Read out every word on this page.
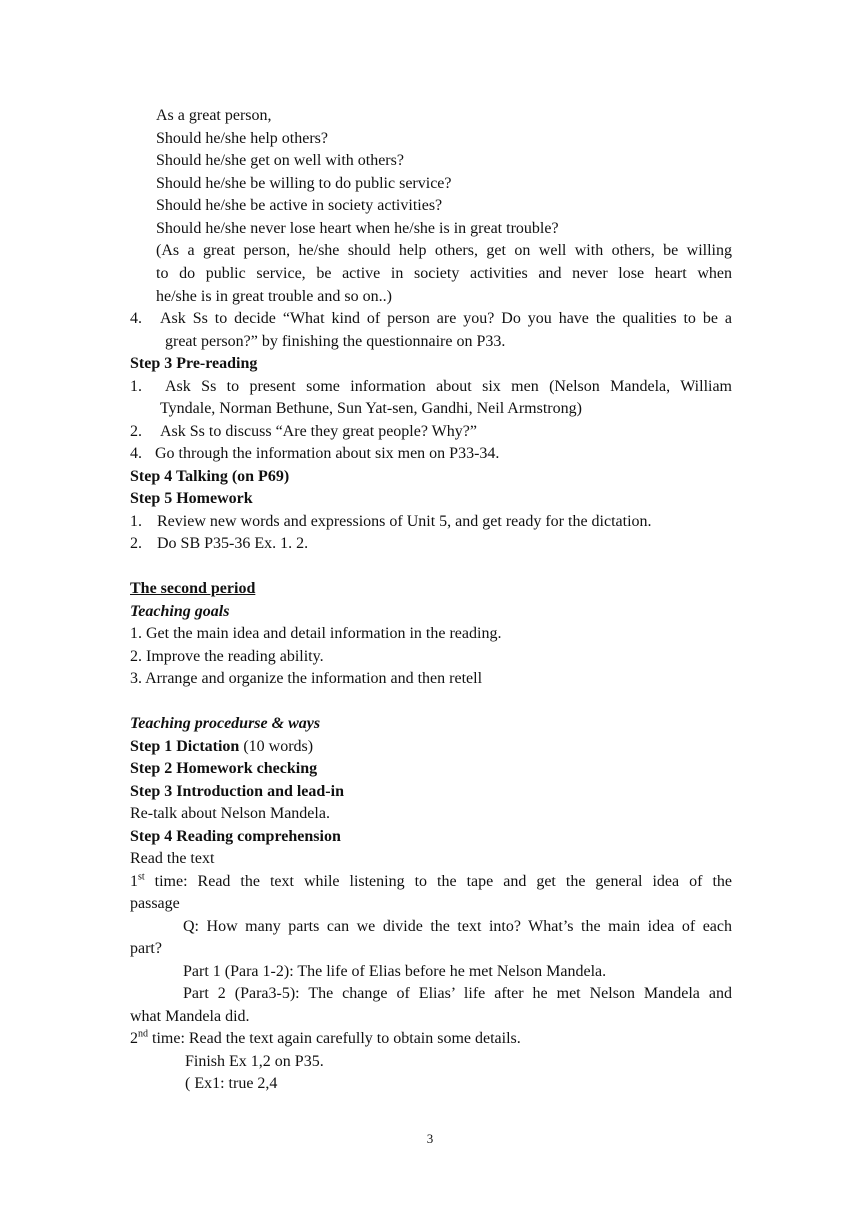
As a great person,
Should he/she help others?
Should he/she get on well with others?
Should he/she be willing to do public service?
Should he/she be active in society activities?
Should he/she never lose heart when he/she is in great trouble?
(As a great person, he/she should help others, get on well with others, be willing
to do public service, be active in society activities and never lose heart when
he/she is in great trouble and so on..)
4.	Ask Ss to decide “What kind of person are you? Do you have the qualities to be a
great person?” by finishing the questionnaire on P33.
Step 3 Pre-reading
1.	Ask Ss to present some information about six men (Nelson Mandela, William
Tyndale, Norman Bethune, Sun Yat-sen, Gandhi, Neil Armstrong)
2.	Ask Ss to discuss “Are they great people? Why?”
4. Go through the information about six men on P33-34.
Step 4 Talking (on P69)
Step 5 Homework
1. Review new words and expressions of Unit 5, and get ready for the dictation.
2. Do SB P35-36 Ex. 1. 2.
The second period
Teaching goals
1. Get the main idea and detail information in the reading.
2. Improve the reading ability.
3. Arrange and organize the information and then retell
Teaching procedurse & ways
Step 1 Dictation (10 words)
Step 2 Homework checking
Step 3 Introduction and lead-in
Re-talk about Nelson Mandela.
Step 4 Reading comprehension
Read the text
1st time: Read the text while listening to the tape and get the general idea of the
passage
Q: How many parts can we divide the text into? What’s the main idea of each
part?
Part 1 (Para 1-2): The life of Elias before he met Nelson Mandela.
Part 2 (Para3-5): The change of Elias’ life after he met Nelson Mandela and
what Mandela did.
2nd time: Read the text again carefully to obtain some details.
Finish Ex 1,2 on P35.
( Ex1: true 2,4
3
